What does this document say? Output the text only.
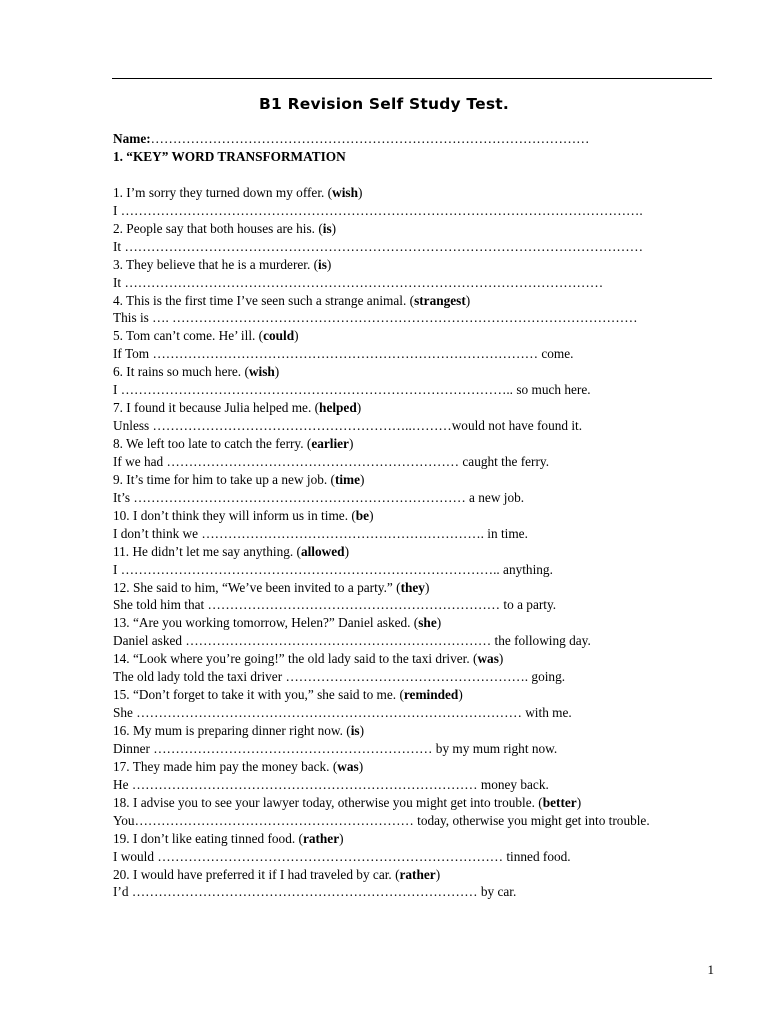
B1 Revision Self Study Test.
Name:………………………………………………………………………………………
1. “KEY” WORD TRANSFORMATION
1. I’m sorry they turned down my offer. (wish)
I ……………………………………………………………………………………………………….
2. People say that both houses are his. (is)
It ………………………………………………………………………………………………………
3. They believe that he is a murderer. (is)
It ………………………………………………………………………………………………
4. This is the first time I’ve seen such a strange animal. (strangest)
This is …. ……………………………………………………………………………………………
5. Tom can’t come. He’ ill. (could)
If Tom …………………………………………………………………………… come.
6. It rains so much here. (wish)
I …………………………………………………………………………….. so much here.
7. I found it because Julia helped me. (helped)
Unless …………………………………………………..………would not have found it.
8. We left too late to catch the ferry. (earlier)
If we had ………………………………………………………… caught the ferry.
9. It’s time for him to take up a new job. (time)
It’s ………………………………………………………………… a new job.
10. I don’t think they will inform us in time. (be)
I don’t think we ………………………………………………………. in time.
11. He didn’t let me say anything. (allowed)
I ………………………………………………………………………….. anything.
12. She said to him, “We’ve been invited to a party.” (they)
She told him that ………………………………………………………… to a party.
13. “Are you working tomorrow, Helen?” Daniel asked. (she)
Daniel asked …………………………………………………………… the following day.
14. “Look where you’re going!” the old lady said to the taxi driver. (was)
The old lady told the taxi driver ………………………………………………. going.
15. “Don’t forget to take it with you,” she said to me. (reminded)
She …………………………………………………………………………… with me.
16. My mum is preparing dinner right now. (is)
Dinner ……………………………………………………… by my mum right now.
17. They made him pay the money back. (was)
He …………………………………………………………………… money back.
18. I advise you to see your lawyer today, otherwise you might get into trouble. (better)
You……………………………………………………… today, otherwise you might get into trouble.
19. I don’t like eating tinned food. (rather)
I would …………………………………………………………………… tinned food.
20. I would have preferred it if I had traveled by car. (rather)
I’d …………………………………………………………………… by car.
1
